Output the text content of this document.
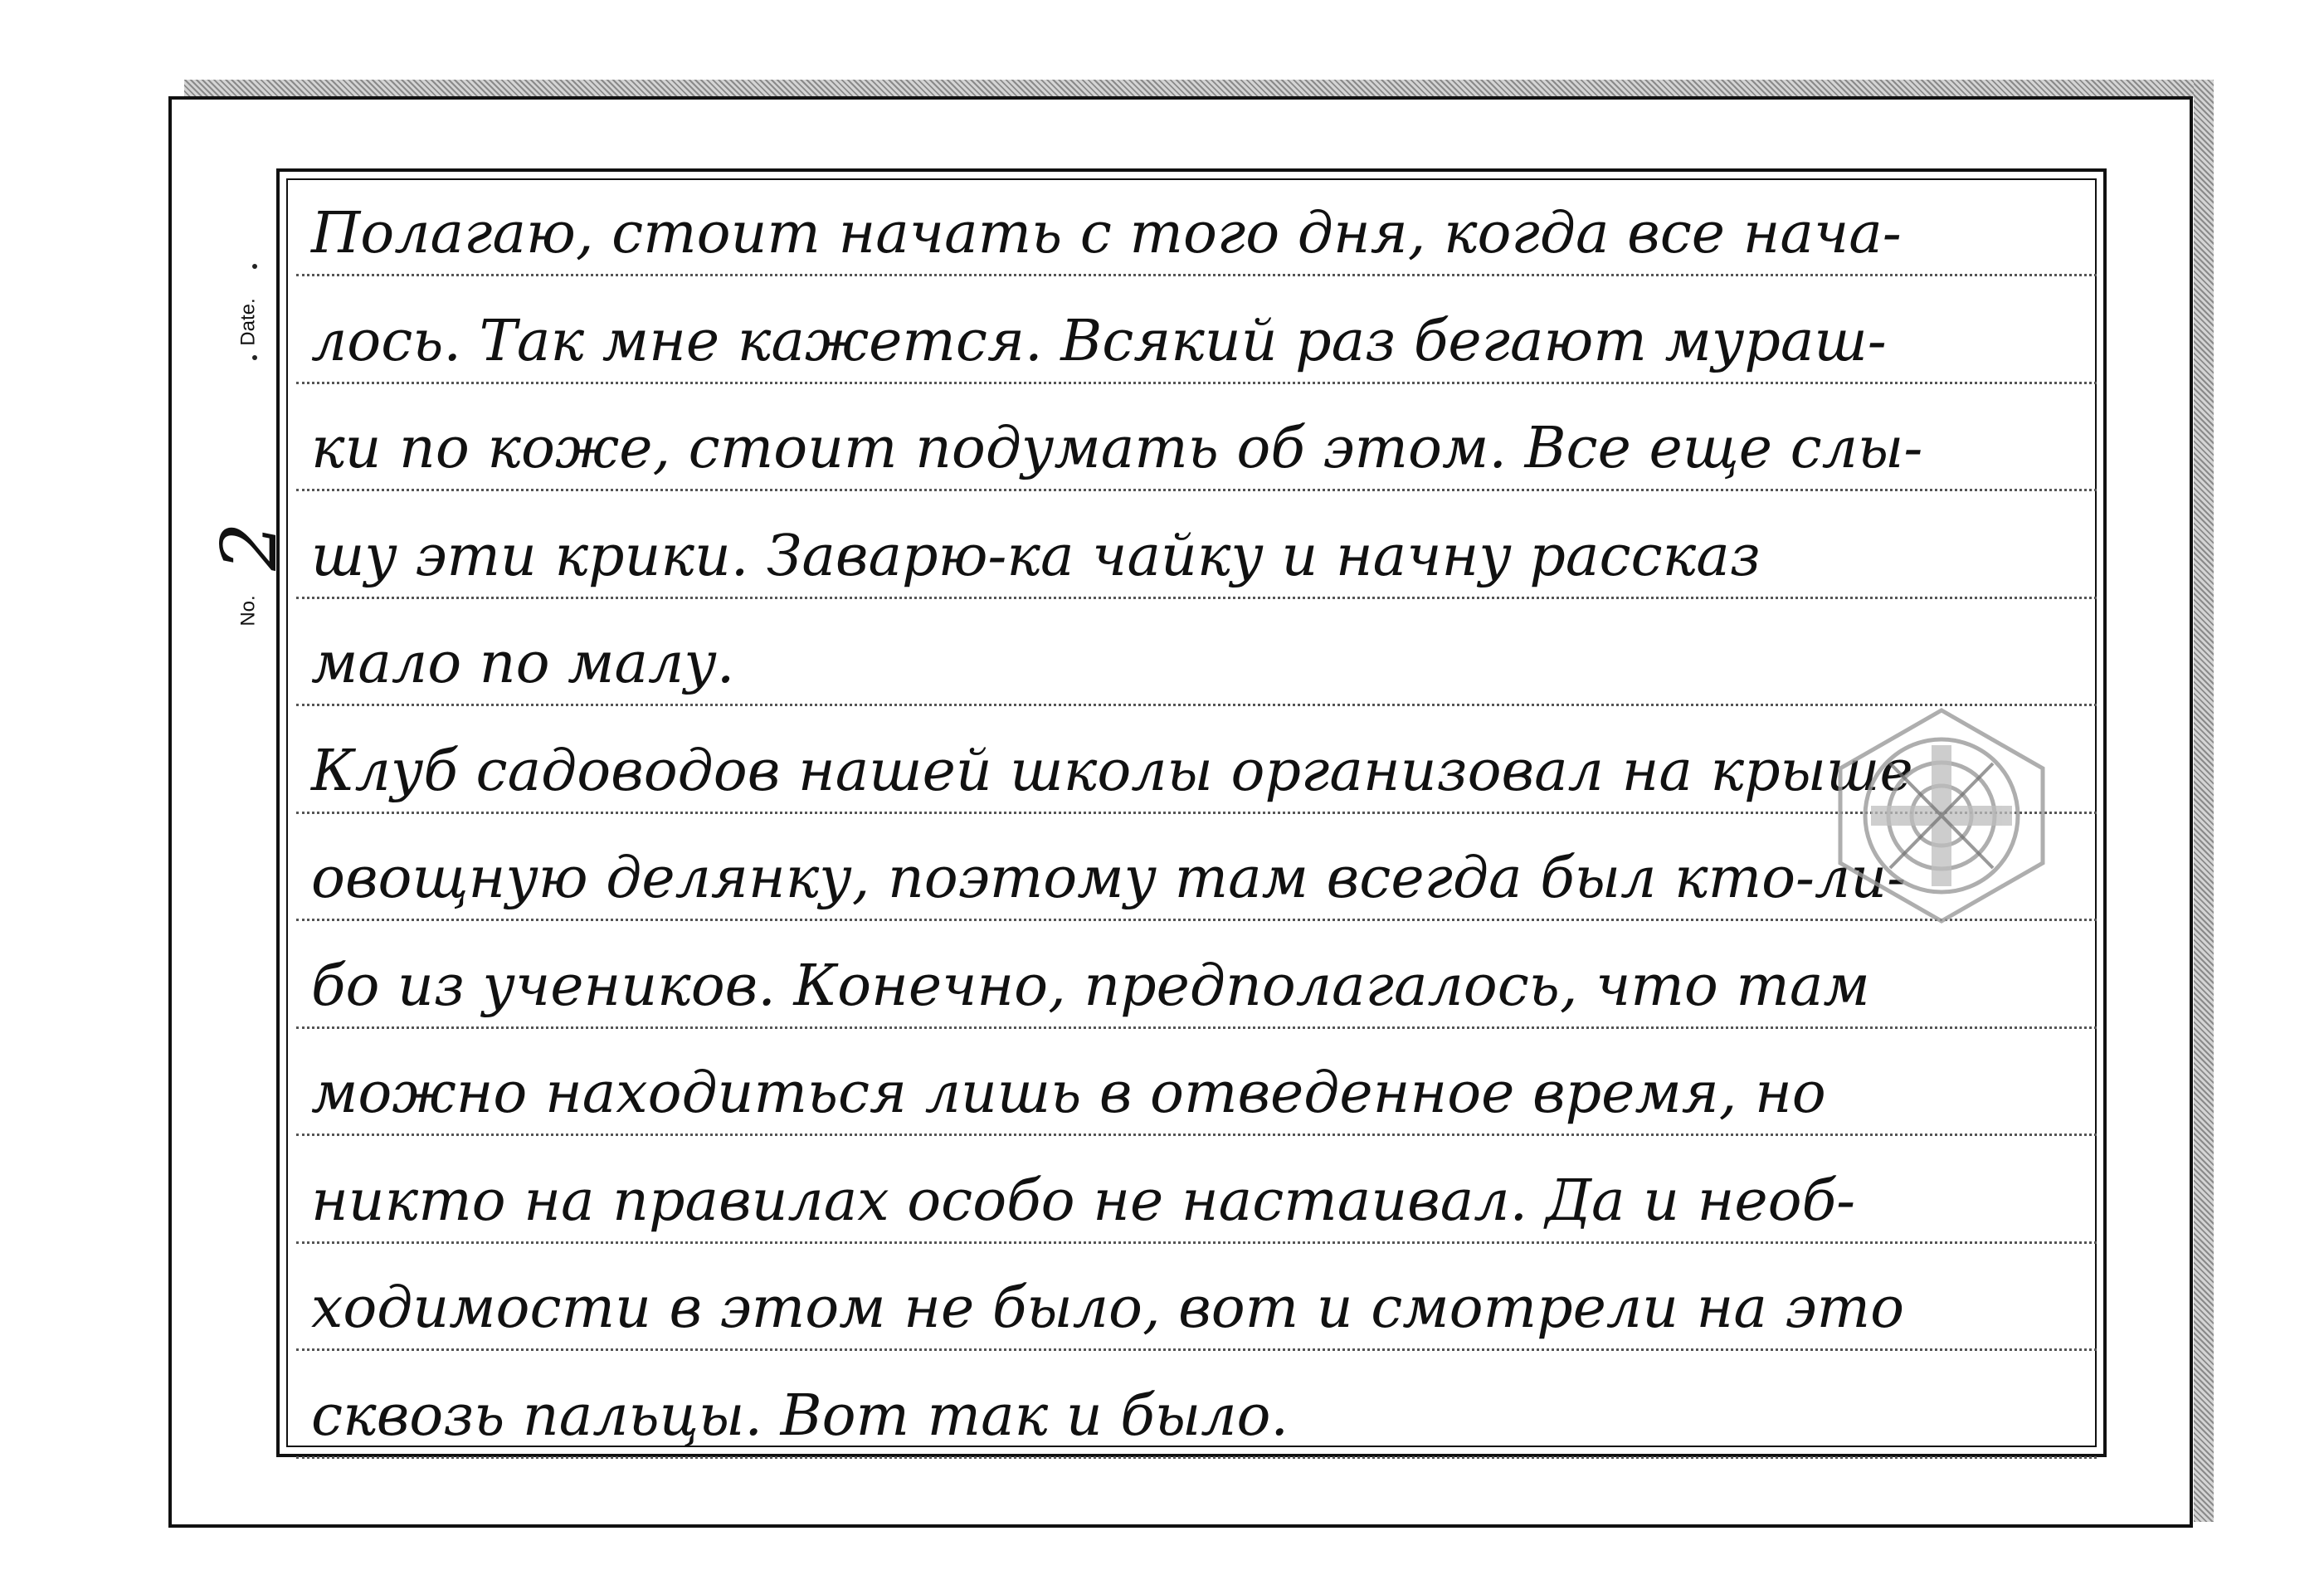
Date.
2
No.
Полагаю, стоит начать с того дня, когда все нача-
лось. Так мне кажется. Всякий раз бегают мураш-
ки по коже, стоит подумать об этом. Все еще слы-
шу эти крики. Заварю-ка чайку и начну рассказ
мало по малу.
Клуб садоводов нашей школы организовал на крыше
овощную делянку, поэтому там всегда был кто-ли-
бо из учеников. Конечно, предполагалось, что там
можно находиться лишь в отведенное время, но
никто на правилах особо не настаивал. Да и необ-
ходимости в этом не было, вот и смотрели на это
сквозь пальцы. Вот так и было.
